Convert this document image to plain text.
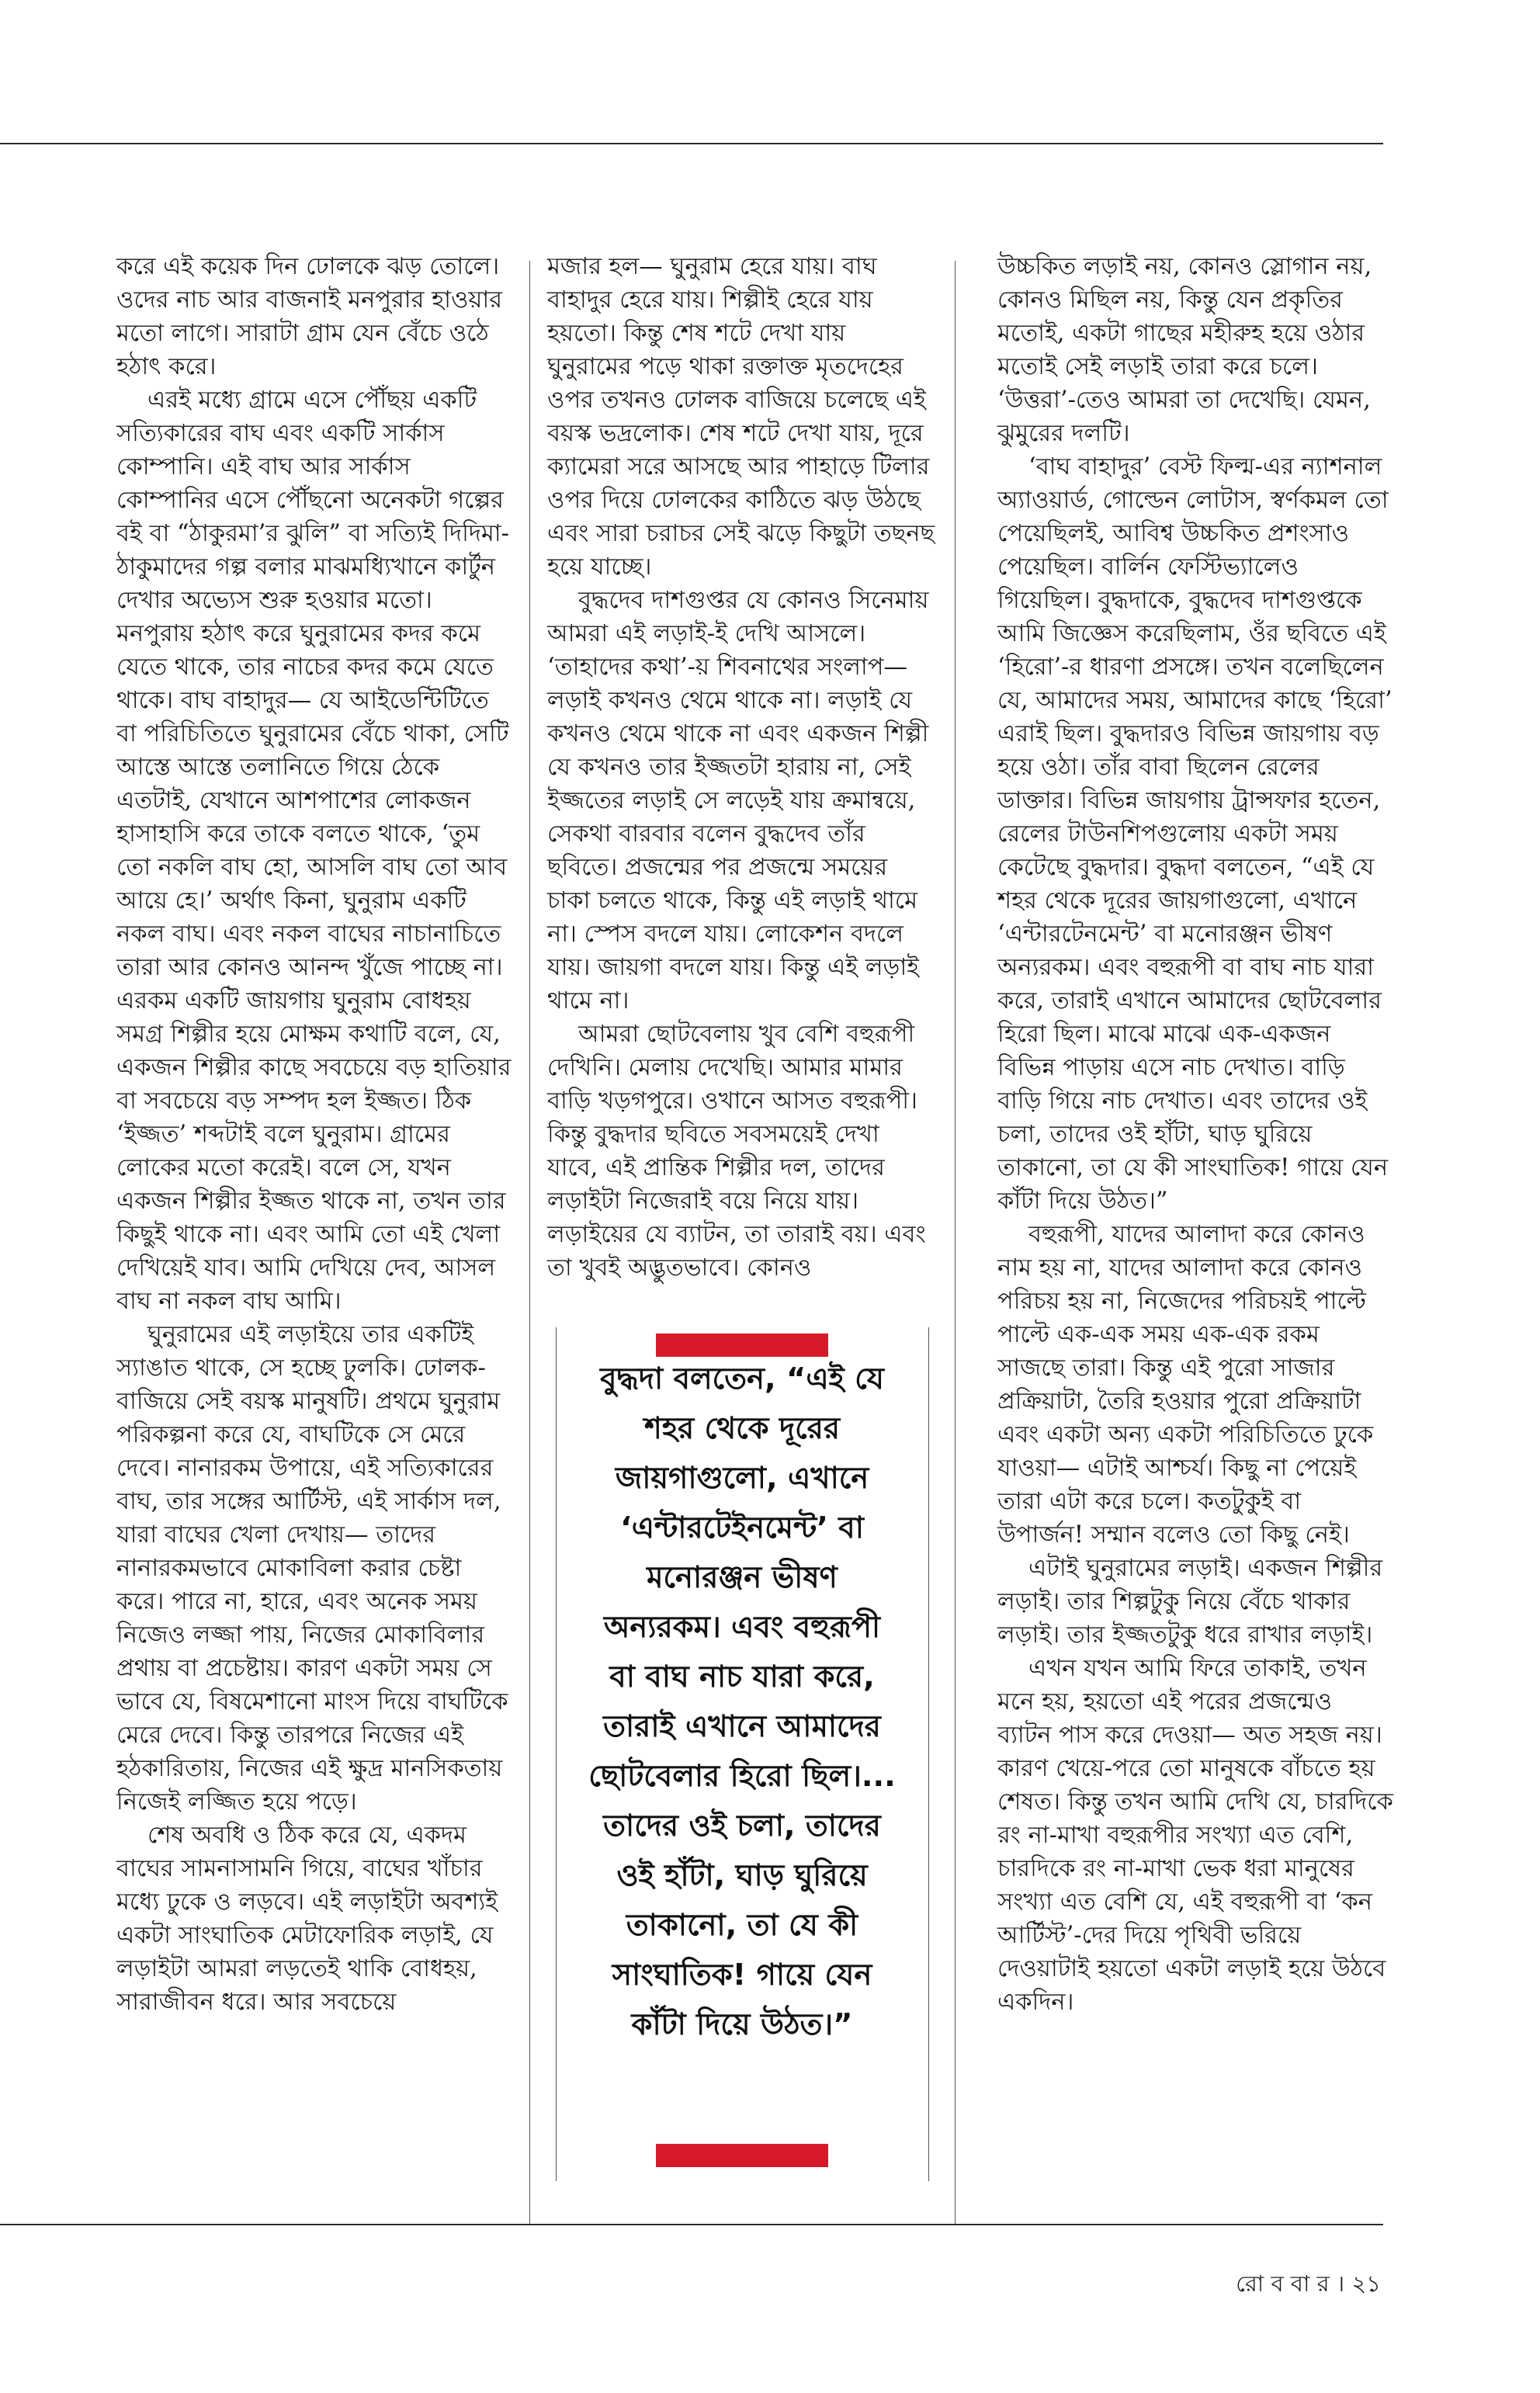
করে এই কয়েক দিন ঢোলকে ঝড় তোলে। ওদের নাচ আর বাজনাই মনপুরার হাওয়ার মতো লাগে। সারাটা গ্রাম যেন বেঁচে ওঠে হঠাৎ করে।

এরই মধ্যে গ্রামে এসে পৌঁছয় একটি সত্যিকারের বাঘ এবং একটি সার্কাস কোম্পানি। এই বাঘ আর সার্কাস কোম্পানির এসে পৌঁছনো অনেকটা গল্পের বই বা “ঠাকুরমা’র ঝুলি” বা সত্যিই দিদিমা-ঠাকুমাদের গল্প বলার মাঝমধ্যিখানে কার্টুন দেখার অভ্যেস শুরু হওয়ার মতো। মনপুরায় হঠাৎ করে ঘুনুরামের কদর কমে যেতে থাকে, তার নাচের কদর কমে যেতে থাকে। বাঘ বাহাদুর— যে আইডেন্টিটিতে বা পরিচিতিতে ঘুনুরামের বেঁচে থাকা, সেটি আস্তে আস্তে তলানিতে গিয়ে ঠেকে এতটাই, যেখানে আশপাশের লোকজন হাসাহাসি করে তাকে বলতে থাকে, ‘তুম তো নকলি বাঘ হো, আসলি বাঘ তো আব আয়ে হে।’ অর্থাৎ কিনা, ঘুনুরাম একটি নকল বাঘ। এবং নকল বাঘের নাচানাচিতে তারা আর কোনও আনন্দ খুঁজে পাচ্ছে না। এরকম একটি জায়গায় ঘুনুরাম বোধহয় সমগ্র শিল্পীর হয়ে মোক্ষম কথাটি বলে, যে, একজন শিল্পীর কাছে সবচেয়ে বড় হাতিয়ার বা সবচেয়ে বড় সম্পদ হল ইজ্জত। ঠিক ‘ইজ্জত’ শব্দটাই বলে ঘুনুরাম। গ্রামের লোকের মতো করেই। বলে সে, যখন একজন শিল্পীর ইজ্জত থাকে না, তখন তার কিছুই থাকে না। এবং আমি তো এই খেলা দেখিয়েই যাব। আমি দেখিয়ে দেব, আসল বাঘ না নকল বাঘ আমি।

ঘুনুরামের এই লড়াইয়ে তার একটিই স্যাঙাত থাকে, সে হচ্ছে ঢুলকি। ঢোলক-বাজিয়ে সেই বয়স্ক মানুষটি। প্রথমে ঘুনুরাম পরিকল্পনা করে যে, বাঘটিকে সে মেরে দেবে। নানারকম উপায়ে, এই সত্যিকারের বাঘ, তার সঙ্গের আর্টিস্ট, এই সার্কাস দল, যারা বাঘের খেলা দেখায়— তাদের নানারকমভাবে মোকাবিলা করার চেষ্টা করে। পারে না, হারে, এবং অনেক সময় নিজেও লজ্জা পায়, নিজের মোকাবিলার প্রথায় বা প্রচেষ্টায়। কারণ একটা সময় সে ভাবে যে, বিষমেশানো মাংস দিয়ে বাঘটিকে মেরে দেবে। কিন্তু তারপরে নিজের এই হঠকারিতায়, নিজের এই ক্ষুদ্র মানসিকতায় নিজেই লজ্জিত হয়ে পড়ে।

শেষ অবধি ও ঠিক করে যে, একদম বাঘের সামনাসামনি গিয়ে, বাঘের খাঁচার মধ্যে ঢুকে ও লড়বে। এই লড়াইটা অবশ্যই একটা সাংঘাতিক মেটাফোরিক লড়াই, যে লড়াইটা আমরা লড়তেই থাকি বোধহয়, সারাজীবন ধরে। আর সবচেয়ে

মজার হল— ঘুনুরাম হেরে যায়। বাঘ বাহাদুর হেরে যায়। শিল্পীই হেরে যায় হয়তো। কিন্তু শেষ শটে দেখা যায় ঘুনুরামের পড়ে থাকা রক্তাক্ত মৃতদেহের ওপর তখনও ঢোলক বাজিয়ে চলেছে এই বয়স্ক ভদ্রলোক। শেষ শটে দেখা যায়, দূরে ক্যামেরা সরে আসছে আর পাহাড়ে টিলার ওপর দিয়ে ঢোলকের কাঠিতে ঝড় উঠছে এবং সারা চরাচর সেই ঝড়ে কিছুটা তছনছ হয়ে যাচ্ছে।

বুদ্ধদেব দাশগুপ্তর যে কোনও সিনেমায় আমরা এই লড়াই-ই দেখি আসলে। ‘তাহাদের কথা’-য় শিবনাথের সংলাপ— লড়াই কখনও থেমে থাকে না। লড়াই যে কখনও থেমে থাকে না এবং একজন শিল্পী যে কখনও তার ইজ্জতটা হারায় না, সেই ইজ্জতের লড়াই সে লড়েই যায় ক্রমান্বয়ে, সেকথা বারবার বলেন বুদ্ধদেব তাঁর ছবিতে। প্রজন্মের পর প্রজন্মে সময়ের চাকা চলতে থাকে, কিন্তু এই লড়াই থামে না। স্পেস বদলে যায়। লোকেশন বদলে যায়। জায়গা বদলে যায়। কিন্তু এই লড়াই থামে না।

আমরা ছোটবেলায় খুব বেশি বহুরূপী দেখিনি। মেলায় দেখেছি। আমার মামার বাড়ি খড়গপুরে। ওখানে আসত বহুরূপী। কিন্তু বুদ্ধদার ছবিতে সবসময়েই দেখা যাবে, এই প্রান্তিক শিল্পীর দল, তাদের লড়াইটা নিজেরাই বয়ে নিয়ে যায়। লড়াইয়ের যে ব্যাটন, তা তারাই বয়। এবং তা খুবই অদ্ভুতভাবে। কোনও

উচ্চকিত লড়াই নয়, কোনও স্লোগান নয়, কোনও মিছিল নয়, কিন্তু যেন প্রকৃতির মতোই, একটা গাছের মহীরুহ হয়ে ওঠার মতোই সেই লড়াই তারা করে চলে। ‘উত্তরা’-তেও আমরা তা দেখেছি। যেমন, ঝুমুরের দলটি।

‘বাঘ বাহাদুর’ বেস্ট ফিল্ম-এর ন্যাশনাল অ্যাওয়ার্ড, গোল্ডেন লোটাস, স্বর্ণকমল তো পেয়েছিলই, আবিশ্ব উচ্চকিত প্রশংসাও পেয়েছিল। বার্লিন ফেস্টিভ্যালেও গিয়েছিল। বুদ্ধদাকে, বুদ্ধদেব দাশগুপ্তকে আমি জিজ্ঞেস করেছিলাম, ওঁর ছবিতে এই ‘হিরো’-র ধারণা প্রসঙ্গে। তখন বলেছিলেন যে, আমাদের সময়, আমাদের কাছে ‘হিরো’ এরাই ছিল। বুদ্ধদারও বিভিন্ন জায়গায় বড় হয়ে ওঠা। তাঁর বাবা ছিলেন রেলের ডাক্তার। বিভিন্ন জায়গায় ট্রান্সফার হতেন, রেলের টাউনশিপগুলোয় একটা সময় কেটেছে বুদ্ধদার। বুদ্ধদা বলতেন, “এই যে শহর থেকে দূরের জায়গাগুলো, এখানে ‘এন্টারটেনমেন্ট’ বা মনোরঞ্জন ভীষণ অন্যরকম। এবং বহুরূপী বা বাঘ নাচ যারা করে, তারাই এখানে আমাদের ছোটবেলার হিরো ছিল। মাঝে মাঝে এক-একজন বিভিন্ন পাড়ায় এসে নাচ দেখাত। বাড়ি বাড়ি গিয়ে নাচ দেখাত। এবং তাদের ওই চলা, তাদের ওই হাঁটা, ঘাড় ঘুরিয়ে তাকানো, তা যে কী সাংঘাতিক! গায়ে যেন কাঁটা দিয়ে উঠত।”

বহুরূপী, যাদের আলাদা করে কোনও নাম হয় না, যাদের আলাদা করে কোনও পরিচয় হয় না, নিজেদের পরিচয়ই পাল্টে পাল্টে এক-এক সময় এক-এক রকম সাজছে তারা। কিন্তু এই পুরো সাজার প্রক্রিয়াটা, তৈরি হওয়ার পুরো প্রক্রিয়াটা এবং একটা অন্য একটা পরিচিতিতে ঢুকে যাওয়া— এটাই আশ্চর্য। কিছু না পেয়েই তারা এটা করে চলে। কতটুকুই বা উপার্জন! সম্মান বলেও তো কিছু নেই।

এটাই ঘুনুরামের লড়াই। একজন শিল্পীর লড়াই। তার শিল্পটুকু নিয়ে বেঁচে থাকার লড়াই। তার ইজ্জতটুকু ধরে রাখার লড়াই।

এখন যখন আমি ফিরে তাকাই, তখন মনে হয়, হয়তো এই পরের প্রজন্মেও ব্যাটন পাস করে দেওয়া— অত সহজ নয়। কারণ খেয়ে-পরে তো মানুষকে বাঁচতে হয় শেষত। কিন্তু তখন আমি দেখি যে, চারদিকে রং না-মাখা বহুরূপীর সংখ্যা এত বেশি, চারদিকে রং না-মাখা ভেক ধরা মানুষের সংখ্যা এত বেশি যে, এই বহুরূপী বা ‘কন আর্টিস্ট’-দের দিয়ে পৃথিবী ভরিয়ে দেওয়াটাই হয়তো একটা লড়াই হয়ে উঠবে একদিন।

বুদ্ধদা বলতেন, “এই যে শহর থেকে দূরের জায়গাগুলো, এখানে ‘এন্টারটেইনমেন্ট’ বা মনোরঞ্জন ভীষণ অন্যরকম। এবং বহুরূপী বা বাঘ নাচ যারা করে, তারাই এখানে আমাদের ছোটবেলার হিরো ছিল।... তাদের ওই চলা, তাদের ওই হাঁটা, ঘাড় ঘুরিয়ে তাকানো, তা যে কী সাংঘাতিক! গায়ে যেন কাঁটা দিয়ে উঠত।”
রো ব বা র । ২১
